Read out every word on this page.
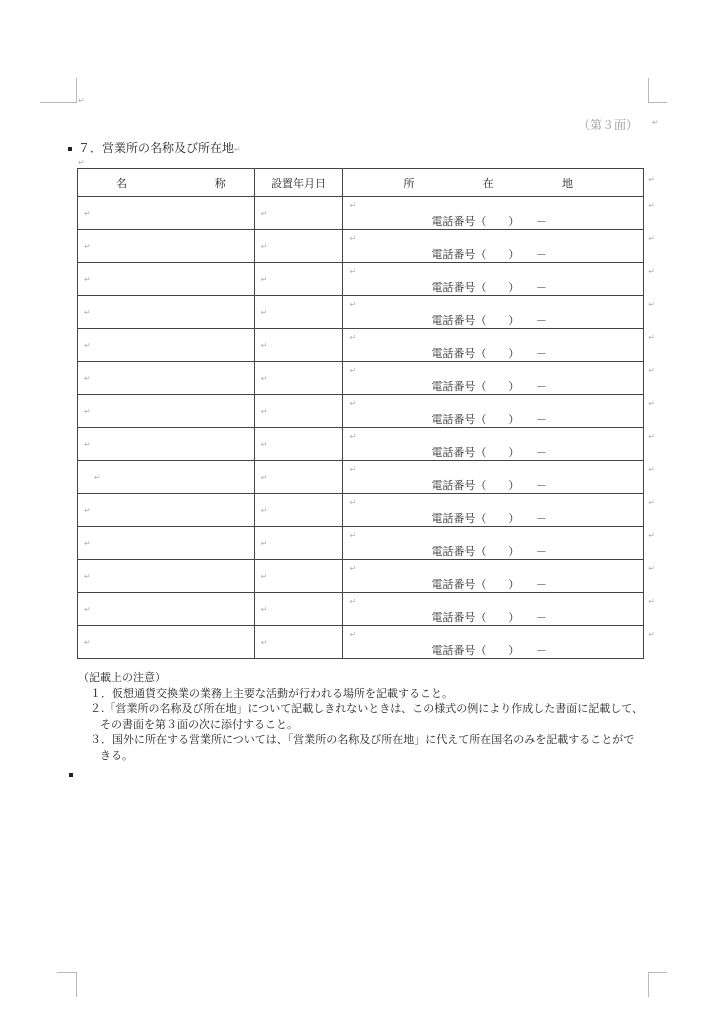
↵
↵
（第３面）
７．営業所の名称及び所在地↵
↵
名 称	設置年月日	所 在 地 ↵

↵	↵	↵
電話番号（　　）　　－
↵

↵	↵	↵
電話番号（　　）　　－
↵

↵	↵	↵
電話番号（　　）　　－
↵

↵	↵	↵
電話番号（　　）　　－
↵

↵	↵	↵
電話番号（　　）　　－
↵

↵	↵	↵
電話番号（　　）　　－
↵

↵	↵	↵
電話番号（　　）　　－
↵

↵	↵	↵
電話番号（　　）　　－
↵

↵	↵	↵
電話番号（　　）　　－
↵

↵	↵	↵
電話番号（　　）　　－
↵

↵	↵	↵
電話番号（　　）　　－
↵

↵	↵	↵
電話番号（　　）　　－
↵

↵	↵	↵
電話番号（　　）　　－
↵

↵	↵	↵
電話番号（　　）　　－
↵
（記載上の注意）
１．仮想通貨交換業の業務上主要な活動が行われる場所を記載すること。
２.「営業所の名称及び所在地」について記載しきれないときは、この様式の例により作成した書面に記載して、
その書面を第３面の次に添付すること。
３．国外に所在する営業所については、「営業所の名称及び所在地」に代えて所在国名のみを記載することがで
きる。
